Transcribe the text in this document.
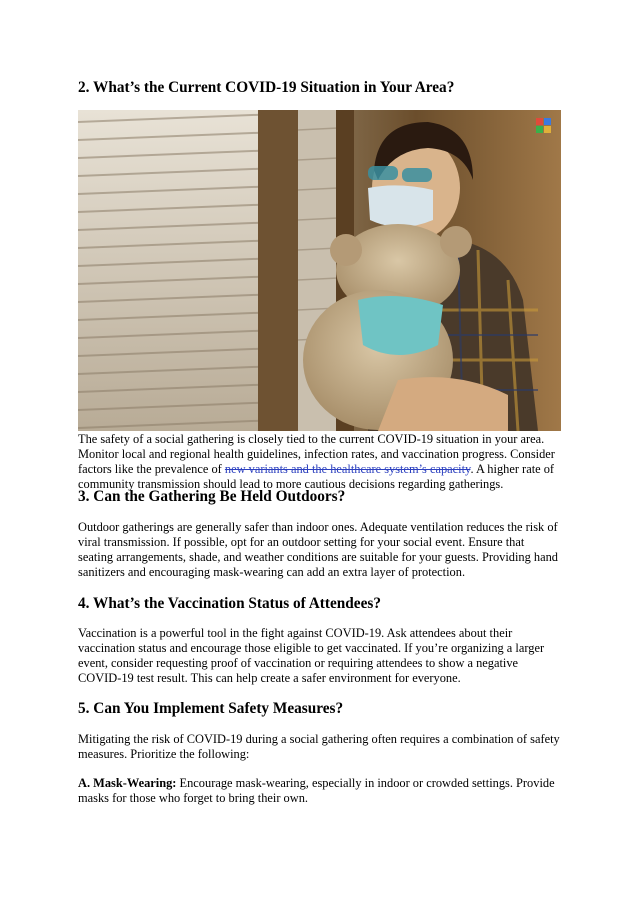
2. What’s the Current COVID-19 Situation in Your Area?

The safety of a social gathering is closely tied to the current COVID-19 situation in your area. Monitor local and regional health guidelines, infection rates, and vaccination progress. Consider factors like the prevalence of new variants and the healthcare system’s capacity. A higher rate of community transmission should lead to more cautious decisions regarding gatherings.

3. Can the Gathering Be Held Outdoors?

Outdoor gatherings are generally safer than indoor ones. Adequate ventilation reduces the risk of viral transmission. If possible, opt for an outdoor setting for your social event. Ensure that seating arrangements, shade, and weather conditions are suitable for your guests. Providing hand sanitizers and encouraging mask-wearing can add an extra layer of protection.

4. What’s the Vaccination Status of Attendees?

Vaccination is a powerful tool in the fight against COVID-19. Ask attendees about their vaccination status and encourage those eligible to get vaccinated. If you’re organizing a larger event, consider requesting proof of vaccination or requiring attendees to show a negative COVID-19 test result. This can help create a safer environment for everyone.

5. Can You Implement Safety Measures?

Mitigating the risk of COVID-19 during a social gathering often requires a combination of safety measures. Prioritize the following:

A. Mask-Wearing: Encourage mask-wearing, especially in indoor or crowded settings. Provide masks for those who forget to bring their own.
